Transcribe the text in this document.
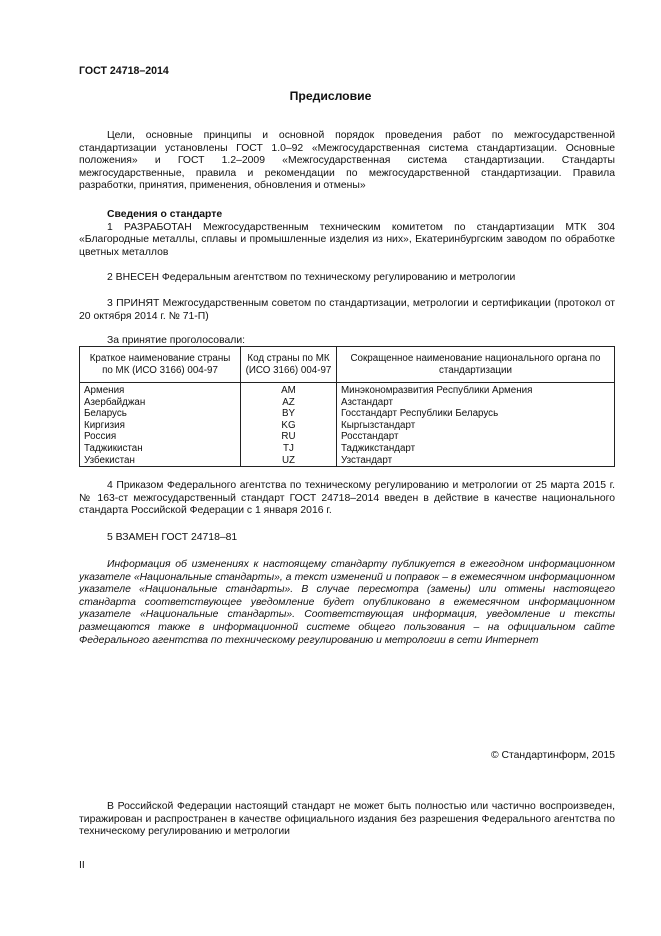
ГОСТ 24718–2014
Предисловие
Цели, основные принципы и основной порядок проведения работ по межгосударственной стандартизации установлены ГОСТ 1.0–92 «Межгосударственная система стандартизации. Основные положения» и ГОСТ 1.2–2009 «Межгосударственная система стандартизации. Стандарты межгосударственные, правила и рекомендации по межгосударственной стандартизации. Правила разработки, принятия, применения, обновления и отмены»
Сведения о стандарте
1 РАЗРАБОТАН Межгосударственным техническим комитетом по стандартизации МТК 304 «Благородные металлы, сплавы и промышленные изделия из них», Екатеринбургским заводом по обработке цветных металлов
2 ВНЕСЕН Федеральным агентством по техническому регулированию и метрологии
3 ПРИНЯТ Межгосударственным советом по стандартизации, метрологии и сертификации (протокол от 20 октября 2014 г. № 71-П)
За принятие проголосовали:
Краткое наименование страны по МК (ИСО 3166) 004-97	Код страны по МК (ИСО 3166) 004-97	Сокращенное наименование национального органа по стандартизации
Армения	AM	Минэкономразвития Республики Армения
Азербайджан	AZ	Азстандарт
Беларусь	BY	Госстандарт Республики Беларусь
Киргизия	KG	Кыргызстандарт
Россия	RU	Росстандарт
Таджикистан	TJ	Таджикстандарт
Узбекистан	UZ	Узстандарт
4 Приказом Федерального агентства по техническому регулированию и метрологии от 25 марта 2015 г. № 163-ст межгосударственный стандарт ГОСТ 24718–2014 введен в действие в качестве национального стандарта Российской Федерации с 1 января 2016 г.
5 ВЗАМЕН ГОСТ 24718–81
Информация об изменениях к настоящему стандарту публикуется в ежегодном информационном указателе «Национальные стандарты», а текст изменений и поправок – в ежемесячном информационном указателе «Национальные стандарты». В случае пересмотра (замены) или отмены настоящего стандарта соответствующее уведомление будет опубликовано в ежемесячном информационном указателе «Национальные стандарты». Соответствующая информация, уведомление и тексты размещаются также в информационной системе общего пользования – на официальном сайте Федерального агентства по техническому регулированию и метрологии в сети Интернет
© Стандартинформ, 2015
В Российской Федерации настоящий стандарт не может быть полностью или частично воспроизведен, тиражирован и распространен в качестве официального издания без разрешения Федерального агентства по техническому регулированию и метрологии
II
